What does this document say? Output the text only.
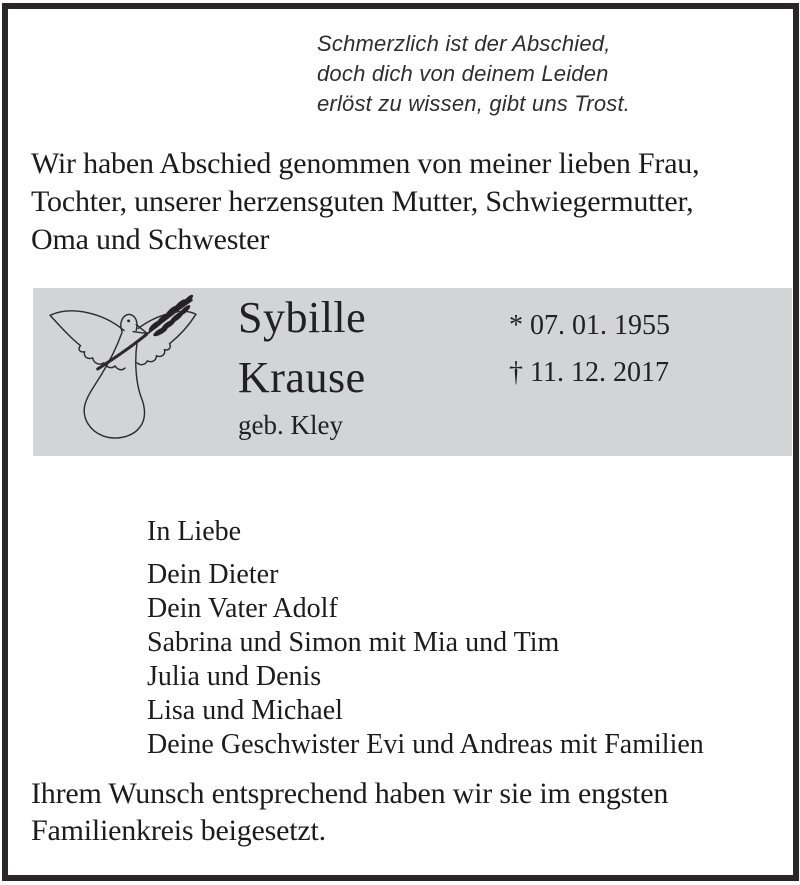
Schmerzlich ist der Abschied,
doch dich von deinem Leiden
erlöst zu wissen, gibt uns Trost.
Wir haben Abschied genommen von meiner lieben Frau,
Tochter, unserer herzensguten Mutter, Schwiegermutter,
Oma und Schwester
Sybille
Krause
geb. Kley
* 07. 01. 1955
† 11. 12. 2017
In Liebe
Dein Dieter
Dein Vater Adolf
Sabrina und Simon mit Mia und Tim
Julia und Denis
Lisa und Michael
Deine Geschwister Evi und Andreas mit Familien
Ihrem Wunsch entsprechend haben wir sie im engsten
Familienkreis beigesetzt.
